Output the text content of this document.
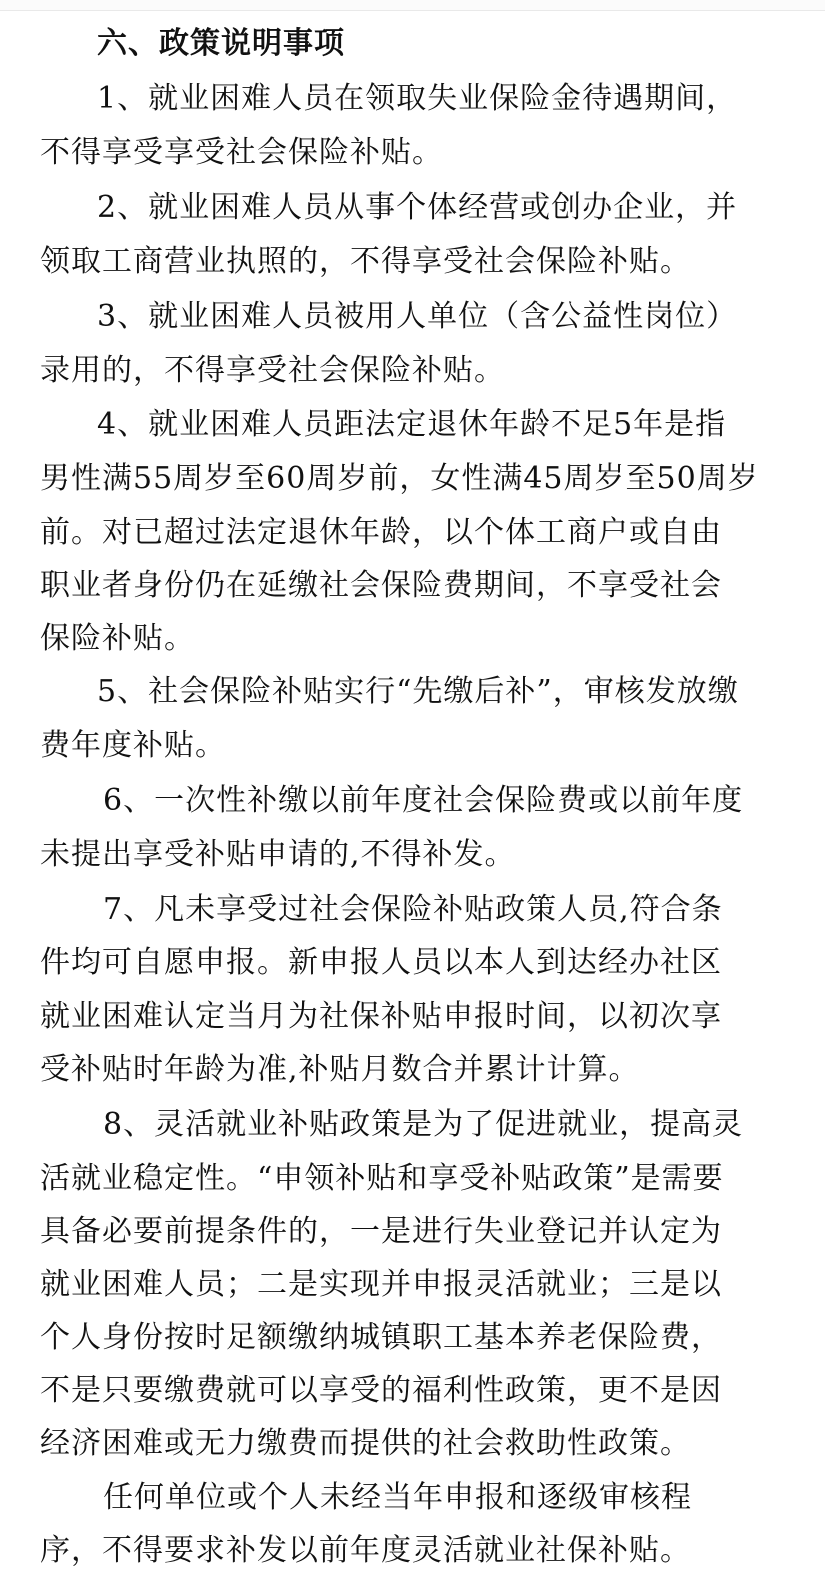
六、政策说明事项
1、就业困难人员在领取失业保险金待遇期间，
不得享受享受社会保险补贴。
2、就业困难人员从事个体经营或创办企业，并
领取工商营业执照的，不得享受社会保险补贴。
3、就业困难人员被用人单位（含公益性岗位）
录用的，不得享受社会保险补贴。
4、就业困难人员距法定退休年龄不足5年是指
男性满55周岁至60周岁前，女性满45周岁至50周岁
前。对已超过法定退休年龄，以个体工商户或自由
职业者身份仍在延缴社会保险费期间，不享受社会
保险补贴。
5、社会保险补贴实行“先缴后补”，审核发放缴
费年度补贴。
6、一次性补缴以前年度社会保险费或以前年度
未提出享受补贴申请的,不得补发。
7、凡未享受过社会保险补贴政策人员,符合条
件均可自愿申报。新申报人员以本人到达经办社区
就业困难认定当月为社保补贴申报时间，以初次享
受补贴时年龄为准,补贴月数合并累计计算。
8、灵活就业补贴政策是为了促进就业，提高灵
活就业稳定性。“申领补贴和享受补贴政策”是需要
具备必要前提条件的，一是进行失业登记并认定为
就业困难人员；二是实现并申报灵活就业；三是以
个人身份按时足额缴纳城镇职工基本养老保险费，
不是只要缴费就可以享受的福利性政策，更不是因
经济困难或无力缴费而提供的社会救助性政策。
任何单位或个人未经当年申报和逐级审核程
序，不得要求补发以前年度灵活就业社保补贴。
